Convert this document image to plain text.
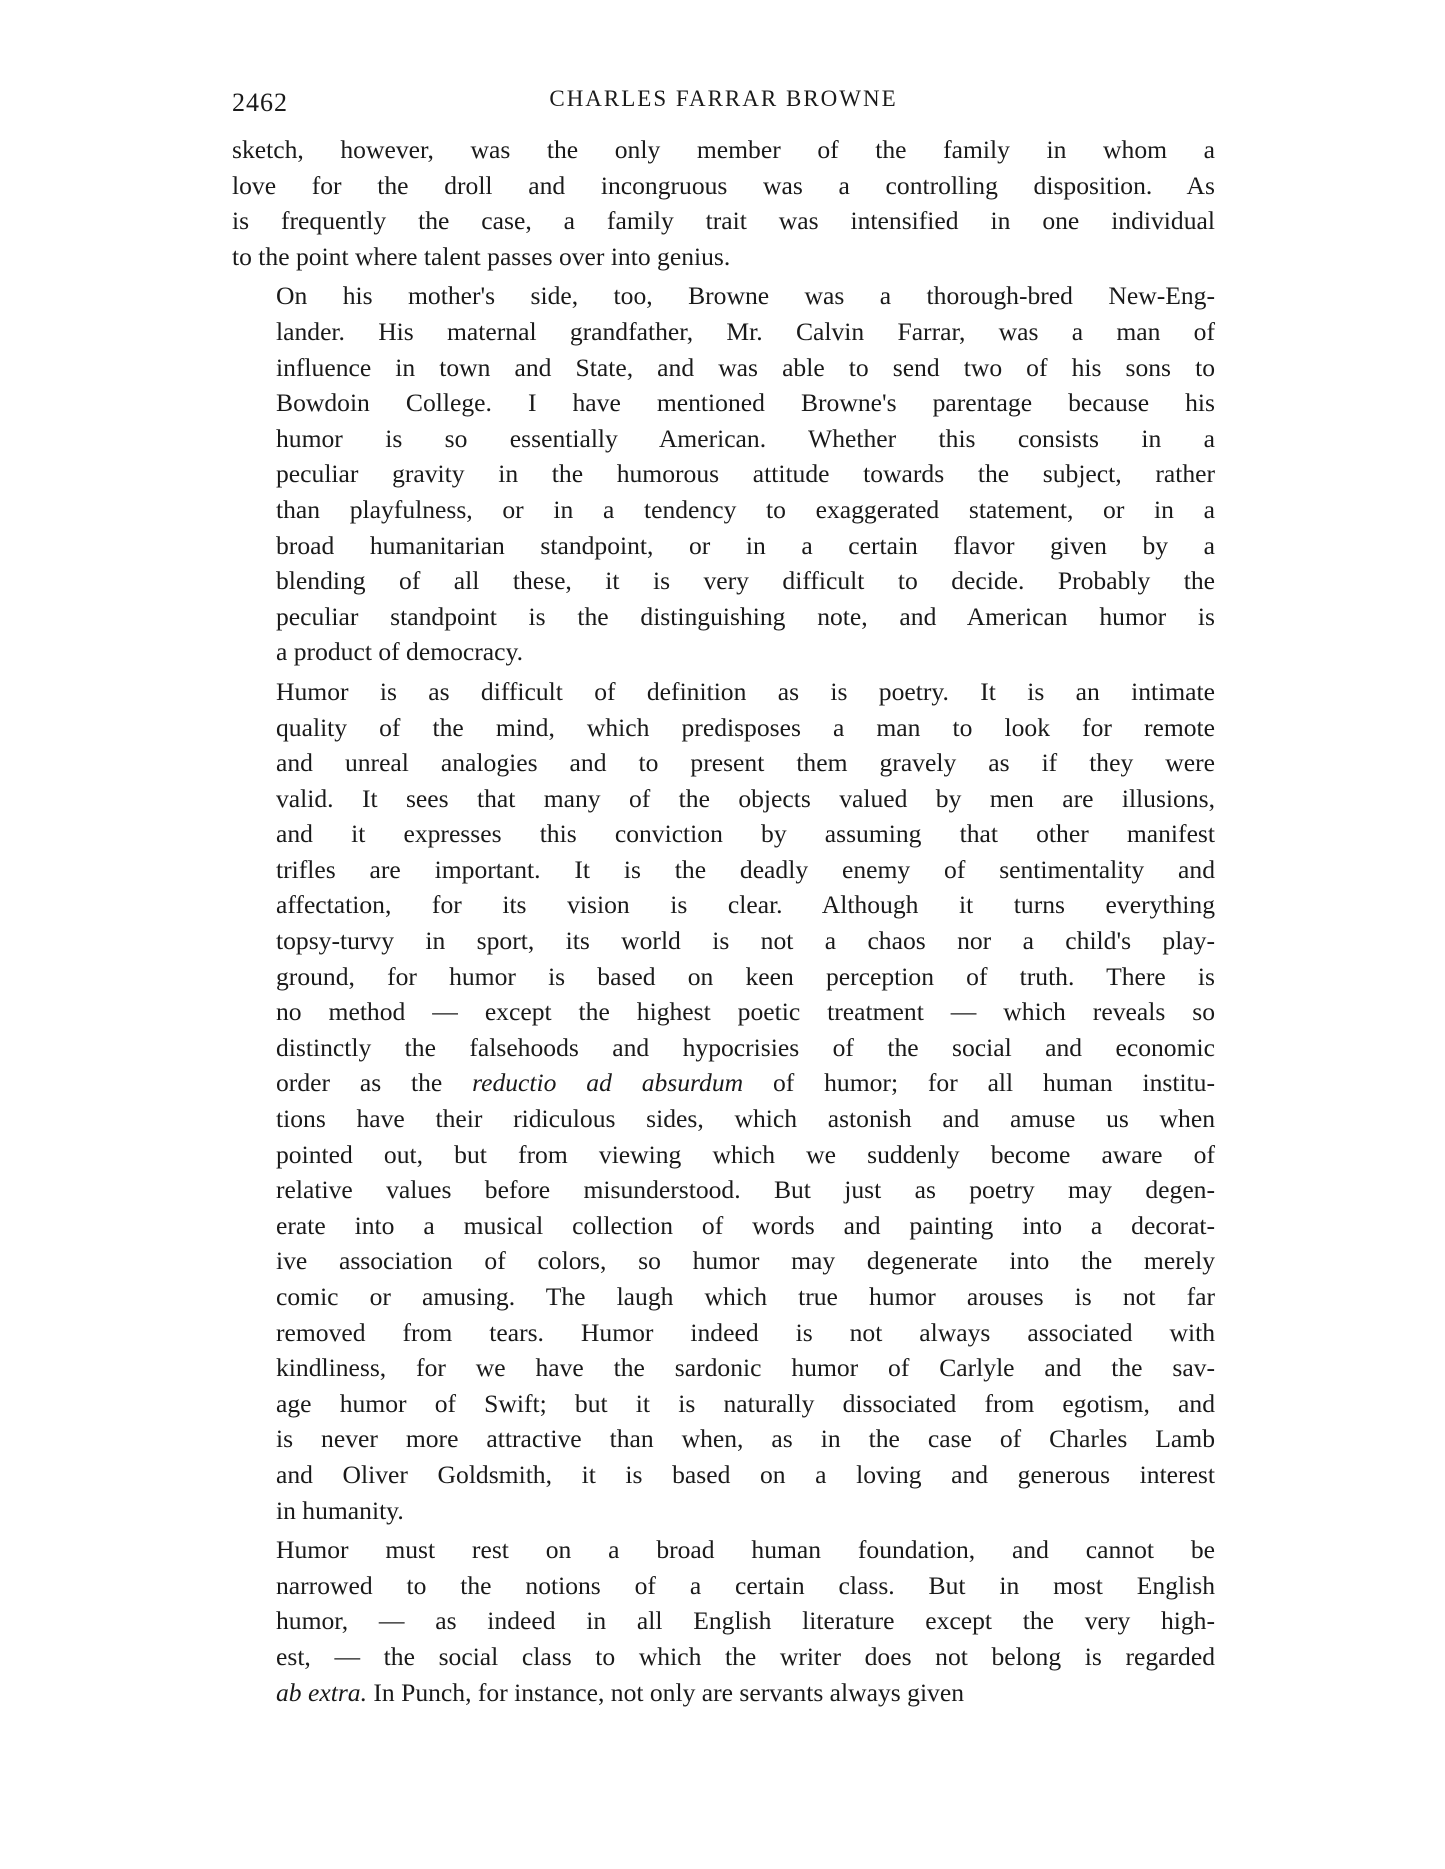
2462	CHARLES FARRAR BROWNE
sketch, however, was the only member of the family in whom a
love for the droll and incongruous was a controlling disposition. As
is frequently the case, a family trait was intensified in one individual
to the point where talent passes over into genius.
On his mother's side, too, Browne was a thorough-bred New-Eng-
lander. His maternal grandfather, Mr. Calvin Farrar, was a man of
influence in town and State, and was able to send two of his sons to
Bowdoin College. I have mentioned Browne's parentage because his
humor is so essentially American. Whether this consists in a
peculiar gravity in the humorous attitude towards the subject, rather
than playfulness, or in a tendency to exaggerated statement, or in a
broad humanitarian standpoint, or in a certain flavor given by a
blending of all these, it is very difficult to decide. Probably the
peculiar standpoint is the distinguishing note, and American humor is
a product of democracy.
Humor is as difficult of definition as is poetry. It is an intimate
quality of the mind, which predisposes a man to look for remote
and unreal analogies and to present them gravely as if they were
valid. It sees that many of the objects valued by men are illusions,
and it expresses this conviction by assuming that other manifest
trifles are important. It is the deadly enemy of sentimentality and
affectation, for its vision is clear. Although it turns everything
topsy-turvy in sport, its world is not a chaos nor a child's play-
ground, for humor is based on keen perception of truth. There is
no method — except the highest poetic treatment — which reveals so
distinctly the falsehoods and hypocrisies of the social and economic
order as the reductio ad absurdum of humor; for all human institu-
tions have their ridiculous sides, which astonish and amuse us when
pointed out, but from viewing which we suddenly become aware of
relative values before misunderstood. But just as poetry may degen-
erate into a musical collection of words and painting into a decorat-
ive association of colors, so humor may degenerate into the merely
comic or amusing. The laugh which true humor arouses is not far
removed from tears. Humor indeed is not always associated with
kindliness, for we have the sardonic humor of Carlyle and the sav-
age humor of Swift; but it is naturally dissociated from egotism, and
is never more attractive than when, as in the case of Charles Lamb
and Oliver Goldsmith, it is based on a loving and generous interest
in humanity.
Humor must rest on a broad human foundation, and cannot be
narrowed to the notions of a certain class. But in most English
humor, — as indeed in all English literature except the very high-
est, — the social class to which the writer does not belong is regarded
ab extra. In Punch, for instance, not only are servants always given
